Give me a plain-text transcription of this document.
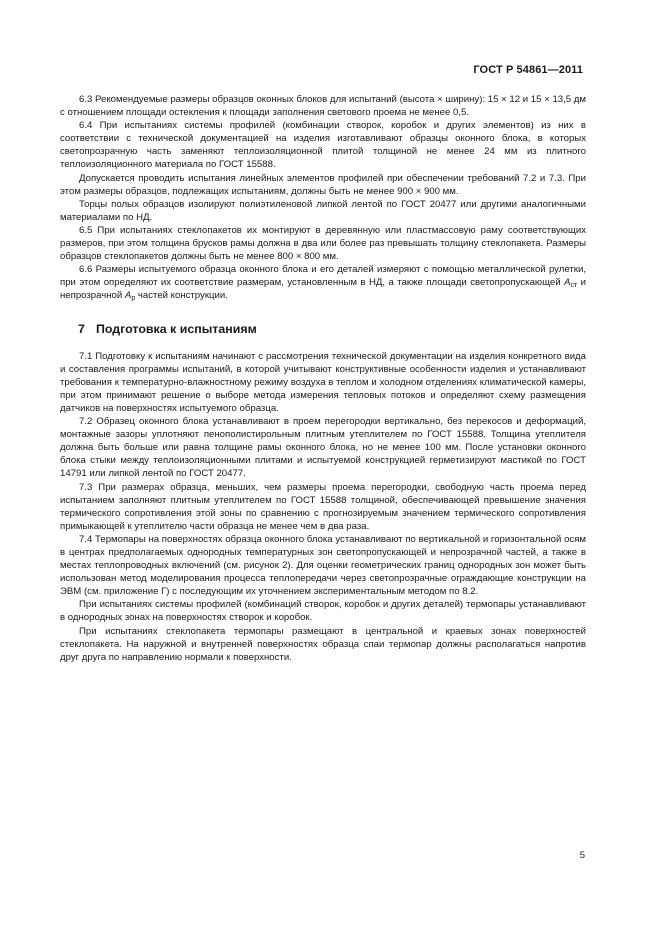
ГОСТ Р 54861—2011

6.3 Рекомендуемые размеры образцов оконных блоков для испытаний (высота × ширину): 15 × 12 и 15 × 13,5 дм с отношением площади остекления к площади заполнения светового проема не менее 0,5.

6.4 При испытаниях системы профилей (комбинации створок, коробок и других элементов) из них в соответствии с технической документацией на изделия изготавливают образцы оконного блока, в которых светопрозрачную часть заменяют теплоизоляционной плитой толщиной не менее 24 мм из плитного теплоизоляционного материала по ГОСТ 15588.

Допускается проводить испытания линейных элементов профилей при обеспечении требований 7.2 и 7.3. При этом размеры образцов, подлежащих испытаниям, должны быть не менее 900 × 900 мм.

Торцы полых образцов изолируют полиэтиленовой липкой лентой по ГОСТ 20477 или другими аналогичными материалами по НД.

6.5 При испытаниях стеклопакетов их монтируют в деревянную или пластмассовую раму соответствующих размеров, при этом толщина брусков рамы должна в два или более раз превышать толщину стеклопакета. Размеры образцов стеклопакетов должны быть не менее 800 × 800 мм.

6.6 Размеры испытуемого образца оконного блока и его деталей измеряют с помощью металлической рулетки, при этом определяют их соответствие размерам, установленным в НД, а также площади светопропускающей $A_{ст}$ и непрозрачной $A_р$ частей конструкции.

7 Подготовка к испытаниям

7.1 Подготовку к испытаниям начинают с рассмотрения технической документации на изделия конкретного вида и составления программы испытаний, в которой учитывают конструктивные особенности изделия и устанавливают требования к температурно-влажностному режиму воздуха в теплом и холодном отделениях климатической камеры, при этом принимают решение о выборе метода измерения тепловых потоков и определяют схему размещения датчиков на поверхностях испытуемого образца.

7.2 Образец оконного блока устанавливают в проем перегородки вертикально, без перекосов и деформаций, монтажные зазоры уплотняют пенополистирольным плитным утеплителем по ГОСТ 15588. Толщина утеплителя должна быть больше или равна толщине рамы оконного блока, но не менее 100 мм. После установки оконного блока стыки между теплоизоляционными плитами и испытуемой конструкцией герметизируют мастикой по ГОСТ 14791 или липкой лентой по ГОСТ 20477.

7.3 При размерах образца, меньших, чем размеры проема перегородки, свободную часть проема перед испытанием заполняют плитным утеплителем по ГОСТ 15588 толщиной, обеспечивающей превышение значения термического сопротивления этой зоны по сравнению с прогнозируемым значением термического сопротивления примыкающей к утеплителю части образца не менее чем в два раза.

7.4 Термопары на поверхностях образца оконного блока устанавливают по вертикальной и горизонтальной осям в центрах предполагаемых однородных температурных зон светопропускающей и непрозрачной частей, а также в местах теплопроводных включений (см. рисунок 2). Для оценки геометрических границ однородных зон может быть использован метод моделирования процесса теплопередачи через светопрозрачные ограждающие конструкции на ЭВМ (см. приложение Г) с последующим их уточнением экспериментальным методом по 8.2.

При испытаниях системы профилей (комбинаций створок, коробок и других деталей) термопары устанавливают в однородных зонах на поверхностях створок и коробок.

При испытаниях стеклопакета термопары размещают в центральной и краевых зонах поверхностей стеклопакета. На наружной и внутренней поверхностях образца спаи термопар должны располагаться напротив друг друга по направлению нормали к поверхности.

5
